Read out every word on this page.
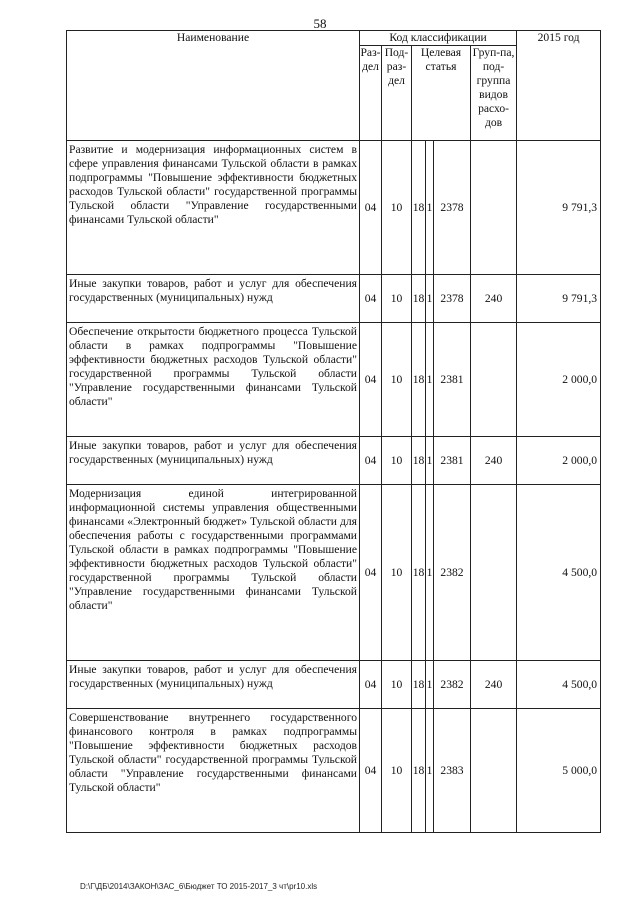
58
Наименование	Код классификации						2015 год
	Раз-дел	Под-раз-дел	Целевая статья			Груп-па, под-группа видов расхо-дов	
Развитие и модернизация информационных систем в сфере управления финансами Тульской области в рамках подпрограммы "Повышение эффективности бюджетных расходов Тульской области" государственной программы Тульской области "Управление государственными финансами Тульской области"	04	10	18	1	2378		9 791,3
Иные закупки товаров, работ и услуг для обеспечения государственных (муниципальных) нужд	04	10	18	1	2378	240	9 791,3
Обеспечение открытости бюджетного процесса Тульской области в рамках подпрограммы "Повышение эффективности бюджетных расходов Тульской области" государственной программы Тульской области "Управление государственными финансами Тульской области"	04	10	18	1	2381		2 000,0
Иные закупки товаров, работ и услуг для обеспечения государственных (муниципальных) нужд	04	10	18	1	2381	240	2 000,0
Модернизация единой интегрированной информационной системы управления общественными финансами «Электронный бюджет» Тульской области для обеспечения работы с государственными программами Тульской области в рамках подпрограммы "Повышение эффективности бюджетных расходов Тульской области" государственной программы Тульской области "Управление государственными финансами Тульской области"	04	10	18	1	2382		4 500,0
Иные закупки товаров, работ и услуг для обеспечения государственных (муниципальных) нужд	04	10	18	1	2382	240	4 500,0
Совершенствование внутреннего государственного финансового контроля в рамках подпрограммы "Повышение эффективности бюджетных расходов Тульской области" государственной программы Тульской области "Управление государственными финансами Тульской области"	04	10	18	1	2383		5 000,0
D:\Г\ДБ\2014\ЗАКОН\ЗАС_6\Бюджет ТО 2015-2017_3 чт\pr10.xls
